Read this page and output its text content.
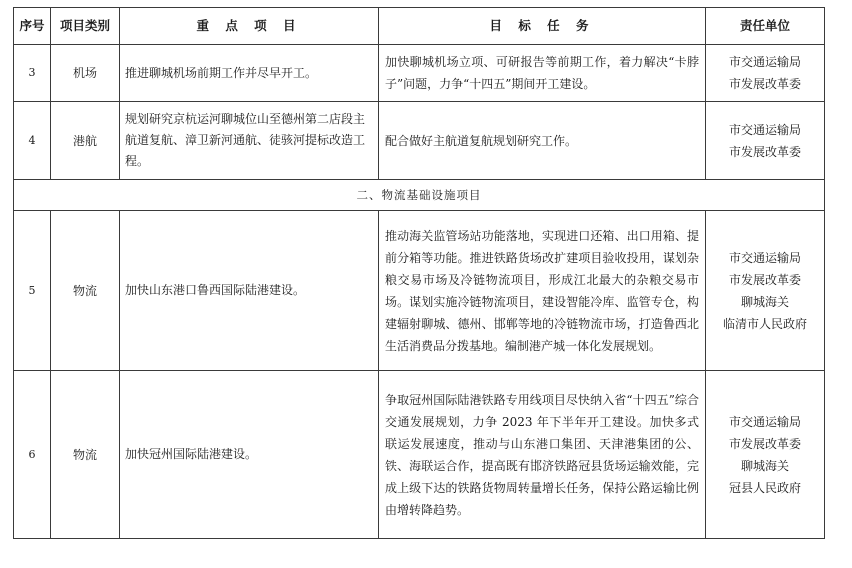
序号	项目类别	重 点 项 目	目 标 任 务	责任单位
3	机场	推进聊城机场前期工作并尽早开工。	加快聊城机场立项、可研报告等前期工作，着力解决“卡脖子”问题，力争“十四五”期间开工建设。	市交通运输局
市发展改革委

4	港航	规划研究京杭运河聊城位山至德州第二店段主航道复航、漳卫新河通航、徒骇河提标改造工程。	配合做好主航道复航规划研究工作。	市交通运输局
市发展改革委

二、物流基础设施项目				
5	物流	加快山东港口鲁西国际陆港建设。	推动海关监管场站功能落地，实现进口还箱、出口用箱、提前分箱等功能。推进铁路货场改扩建项目验收投用，谋划杂粮交易市场及冷链物流项目，形成江北最大的杂粮交易市场。谋划实施冷链物流项目，建设智能冷库、监管专仓，构建辐射聊城、德州、邯郸等地的冷链物流市场，打造鲁西北生活消费品分拨基地。编制港产城一体化发展规划。	市交通运输局
市发展改革委
聊城海关
临清市人民政府

6	物流	加快冠州国际陆港建设。	争取冠州国际陆港铁路专用线项目尽快纳入省“十四五”综合交通发展规划，力争 2023 年下半年开工建设。加快多式联运发展速度，推动与山东港口集团、天津港集团的公、铁、海联运合作，提高既有邯济铁路冠县货场运输效能，完成上级下达的铁路货物周转量增长任务，保持公路运输比例由增转降趋势。	市交通运输局
市发展改革委
聊城海关
冠县人民政府
